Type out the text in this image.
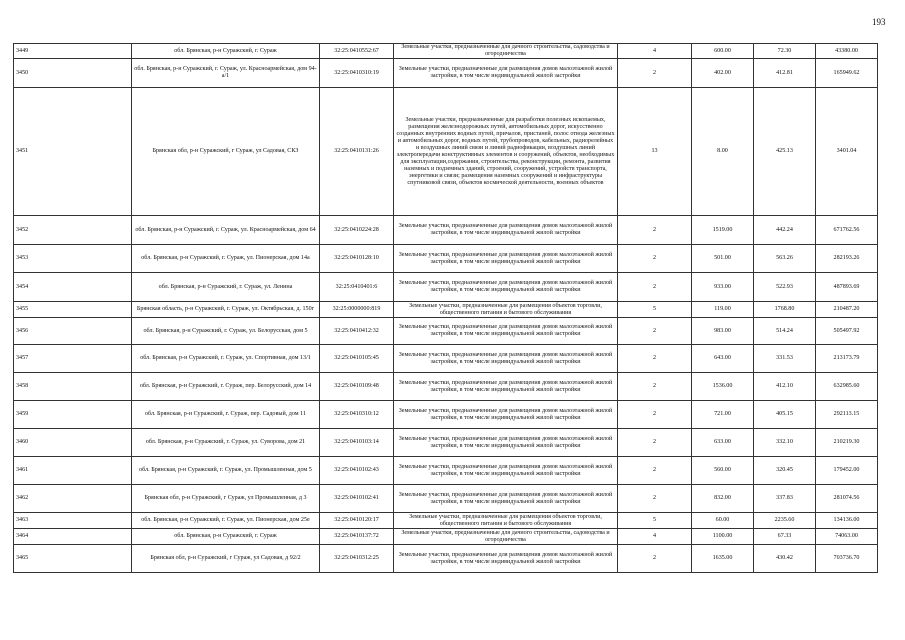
193
3449	обл. Брянская, р-н Суражский, г. Сураж	32:25:0410552:67	Земельные участки, предназначенные для дачного строительства, садоводства и огородничества	4	600.00	72.30	43380.00
3450	обл. Брянская, р-н Суражский, г. Сураж, ул. Красноармейская, дом 94-а/1	32:25:0410310:19	Земельные участки, предназначенные для размещения домов малоэтажной жилой застройки, в том числе индивидуальной жилой застройки	2	402.00	412.81	165949.62
3451	Брянская обл, р-н Суражский, г Сураж, ул Садовая, СКЗ	32:25:0410131:26	Земельные участки, предназначенные для разработки полезных ископаемых, размещения железнодорожных путей, автомобильных дорог, искусственно созданных внутренних водных путей, причалов, пристаней, полос отвода железных и автомобильных дорог, водных путей, трубопроводов, кабельных, радиорелейных и воздушных линий связи и линий радиофикации, воздушных линий электропередачи конструктивных элементов и сооружений, объектов, необходимых для эксплуатации,содержания, строительства, реконструкции, ремонта, развития наземных и подземных зданий, строений, сооружений, устройств транспорта, энергетики и связи; размещения наземных сооружений и инфраструктуры спутниковой связи, объектов космической деятельности, военных объектов	13	8.00	425.13	3401.04
3452	обл. Брянская, р-н Суражский, г. Сураж, ул. Красноармейская, дом 64	32:25:0410224:28	Земельные участки, предназначенные для размещения домов малоэтажной жилой застройки, в том числе индивидуальной жилой застройки	2	1519.00	442.24	671762.56
3453	обл. Брянская, р-н Суражский, г. Сураж, ул. Пионерская, дом 14а	32:25:0410128:10	Земельные участки, предназначенные для размещения домов малоэтажной жилой застройки, в том числе индивидуальной жилой застройки	2	501.00	563.26	282193.26
3454	обл. Брянская, р-н Суражский, г. Сураж, ул. Ленина	32:25:0410401:6	Земельные участки, предназначенные для размещения домов малоэтажной жилой застройки, в том числе индивидуальной жилой застройки	2	933.00	522.93	487893.69
3455	Брянская область, р-н Суражский, г. Сураж, ул. Октябрьская, д. 150г	32:25:0000000:819	Земельные участки, предназначенные для размещения объектов торговли, общественного питания и бытового обслуживания	5	119.00	1768.80	210487.20
3456	обл. Брянская, р-н Суражский, г. Сураж, ул. Белорусская, дом 5	32:25:0410412:32	Земельные участки, предназначенные для размещения домов малоэтажной жилой застройки, в том числе индивидуальной жилой застройки	2	983.00	514.24	505497.92
3457	обл. Брянская, р-н Суражский, г. Сураж, ул. Спортивная, дом 13/1	32:25:0410105:45	Земельные участки, предназначенные для размещения домов малоэтажной жилой застройки, в том числе индивидуальной жилой застройки	2	643.00	331.53	213173.79
3458	обл. Брянская, р-н Суражский, г. Сураж, пер. Белорусский, дом 14	32:25:0410109:48	Земельные участки, предназначенные для размещения домов малоэтажной жилой застройки, в том числе индивидуальной жилой застройки	2	1536.00	412.10	632985.60
3459	обл. Брянская, р-н Суражский, г. Сураж, пер. Садовый, дом 11	32:25:0410310:12	Земельные участки, предназначенные для размещения домов малоэтажной жилой застройки, в том числе индивидуальной жилой застройки	2	721.00	405.15	292113.15
3460	обл. Брянская, р-н Суражский, г. Сураж, ул. Суворова, дом 21	32:25:0410103:14	Земельные участки, предназначенные для размещения домов малоэтажной жилой застройки, в том числе индивидуальной жилой застройки	2	633.00	332.10	210219.30
3461	обл. Брянская, р-н Суражский, г. Сураж, ул. Промышленная, дом 5	32:25:0410102:43	Земельные участки, предназначенные для размещения домов малоэтажной жилой застройки, в том числе индивидуальной жилой застройки	2	560.00	320.45	179452.00
3462	Брянская обл, р-н Суражский, г Сураж, ул Промышленная, д 3	32:25:0410102:41	Земельные участки, предназначенные для размещения домов малоэтажной жилой застройки, в том числе индивидуальной жилой застройки	2	832.00	337.83	281074.56
3463	обл. Брянская, р-н Суражский, г. Сураж, ул. Пионерская, дом 25е	32:25:0410120:17	Земельные участки, предназначенные для размещения объектов торговли, общественного питания и бытового обслуживания	5	60.00	2235.60	134136.00
3464	обл. Брянская, р-н Суражский, г. Сураж	32:25:0410137:72	Земельные участки, предназначенные для дачного строительства, садоводства и огородничества	4	1100.00	67.33	74063.00
3465	Брянская обл, р-н Суражский, г Сураж, ул Садовая, д 92/2	32:25:0410312:25	Земельные участки, предназначенные для размещения домов малоэтажной жилой застройки, в том числе индивидуальной жилой застройки	2	1635.00	430.42	703736.70
